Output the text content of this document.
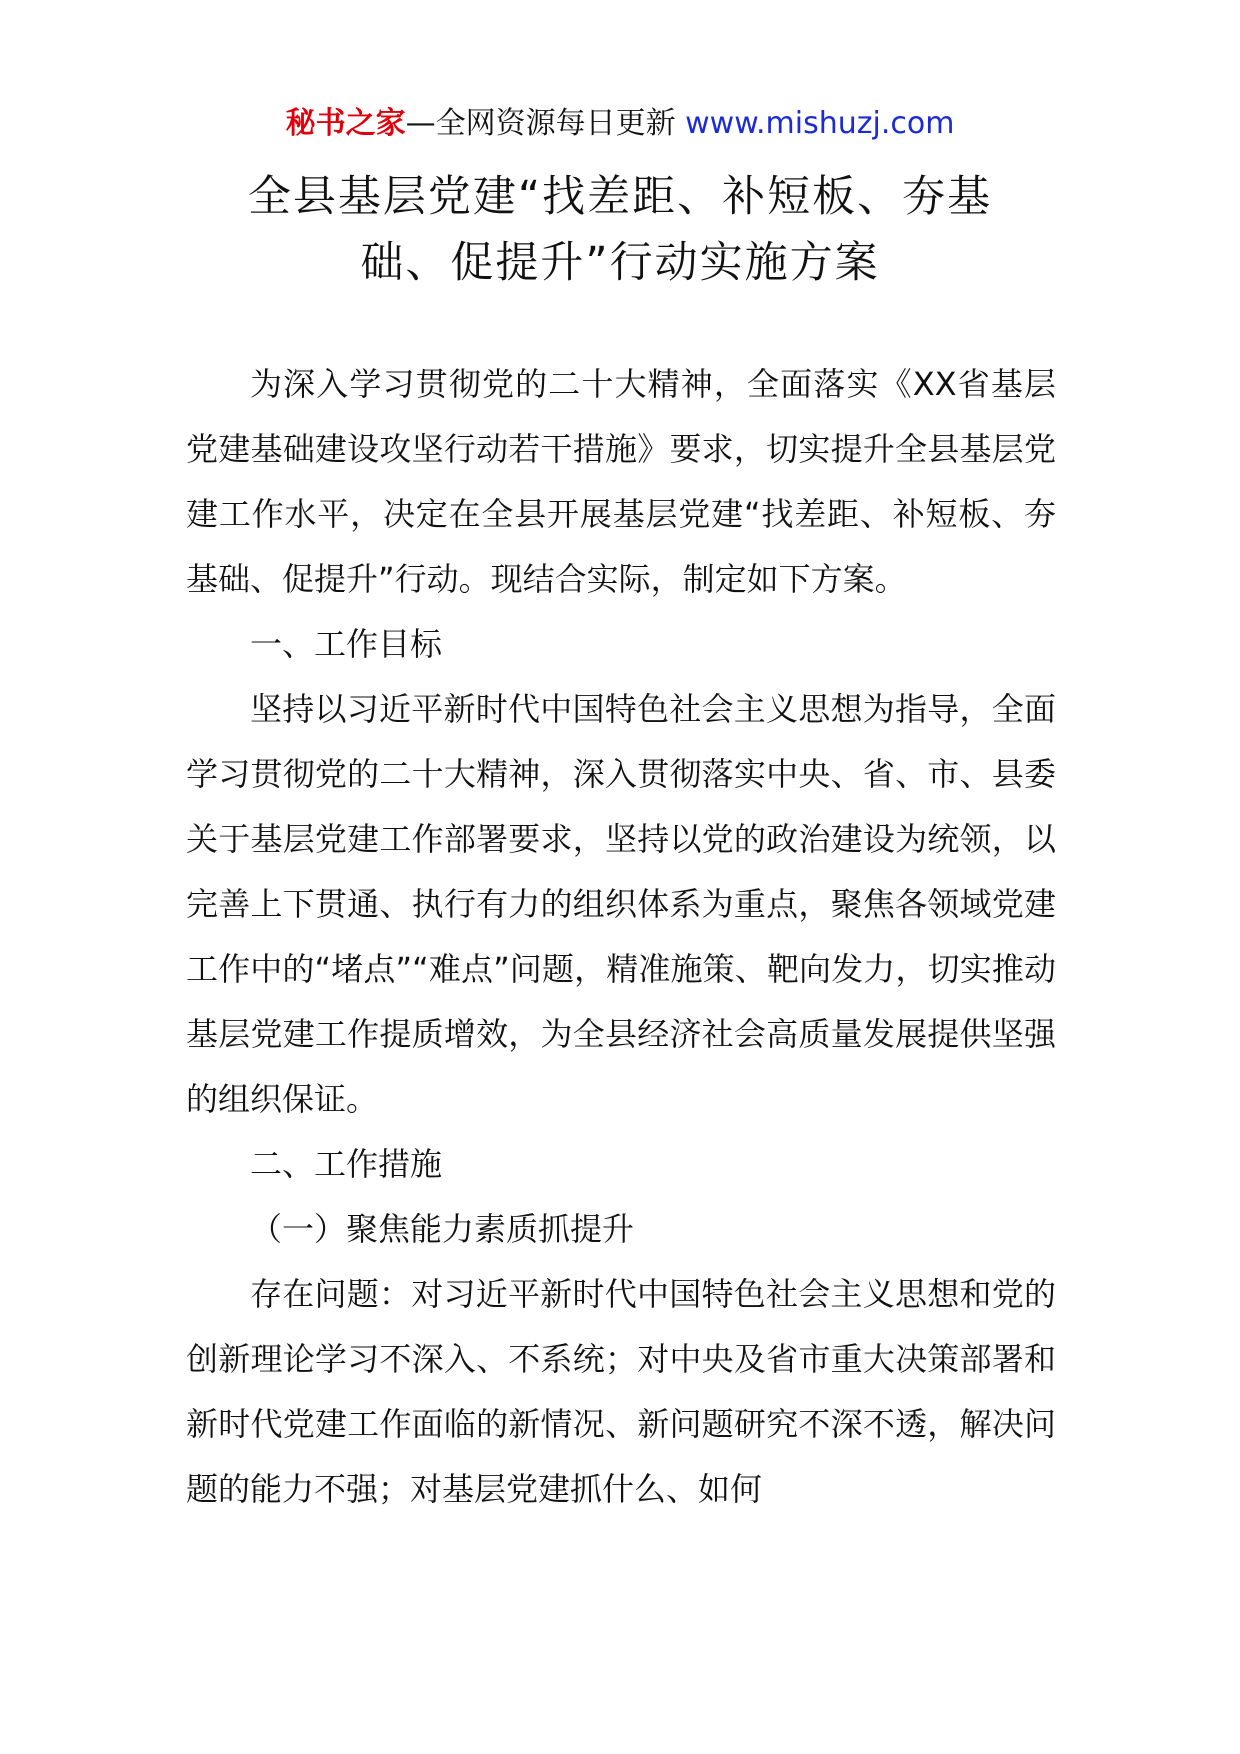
秘书之家—全网资源每日更新 www.mishuzj.com
全县基层党建“找差距、补短板、夯基
础、促提升”行动实施方案

为深入学习贯彻党的二十大精神，全面落实《XX省基层党建基础建设攻坚行动若干措施》要求，切实提升全县基层党建工作水平，决定在全县开展基层党建“找差距、补短板、夯基础、促提升”行动。现结合实际，制定如下方案。

一、工作目标

坚持以习近平新时代中国特色社会主义思想为指导，全面学习贯彻党的二十大精神，深入贯彻落实中央、省、市、县委关于基层党建工作部署要求，坚持以党的政治建设为统领，以完善上下贯通、执行有力的组织体系为重点，聚焦各领域党建工作中的“堵点”“难点”问题，精准施策、靶向发力，切实推动基层党建工作提质增效，为全县经济社会高质量发展提供坚强的组织保证。

二、工作措施

（一）聚焦能力素质抓提升

存在问题：对习近平新时代中国特色社会主义思想和党的创新理论学习不深入、不系统；对中央及省市重大决策部署和新时代党建工作面临的新情况、新问题研究不深不透，解决问题的能力不强；对基层党建抓什么、如何
